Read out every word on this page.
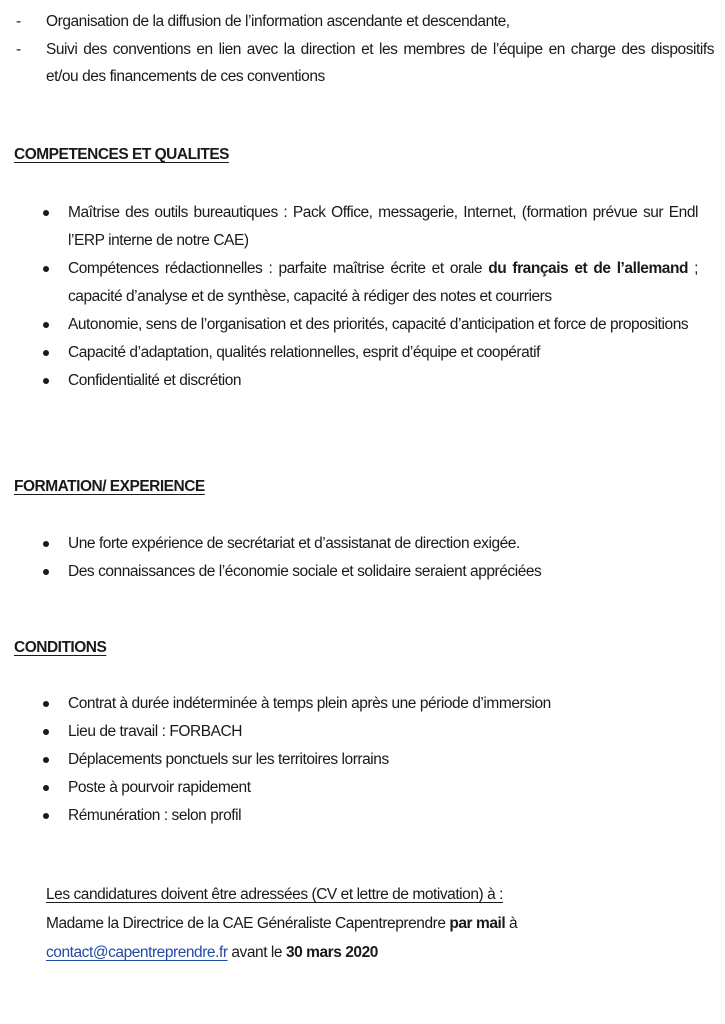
- Organisation de la diffusion de l’information ascendante et descendante,
- Suivi des conventions en lien avec la direction et les membres de l’équipe en charge des dispositifs et/ou des financements de ces conventions
COMPETENCES ET QUALITES
Maîtrise des outils bureautiques : Pack Office, messagerie, Internet, (formation prévue sur Endl l’ERP interne de notre CAE)
Compétences rédactionnelles : parfaite maîtrise écrite et orale du français et de l’allemand ; capacité d’analyse et de synthèse, capacité à rédiger des notes et courriers
Autonomie, sens de l’organisation et des priorités, capacité d’anticipation et force de propositions
Capacité d’adaptation, qualités relationnelles, esprit d’équipe et coopératif
Confidentialité et discrétion
FORMATION/ EXPERIENCE
Une forte expérience de secrétariat et d’assistanat de direction exigée.
Des connaissances de l’économie sociale et solidaire seraient appréciées
CONDITIONS
Contrat à durée indéterminée à temps plein après une période d’immersion
Lieu de travail : FORBACH
Déplacements ponctuels sur les territoires lorrains
Poste à pourvoir rapidement
Rémunération : selon profil
Les candidatures doivent être adressées (CV et lettre de motivation) à :
Madame la Directrice de la CAE Généraliste Capentreprendre par mail à
contact@capentreprendre.fr avant le 30 mars 2020
